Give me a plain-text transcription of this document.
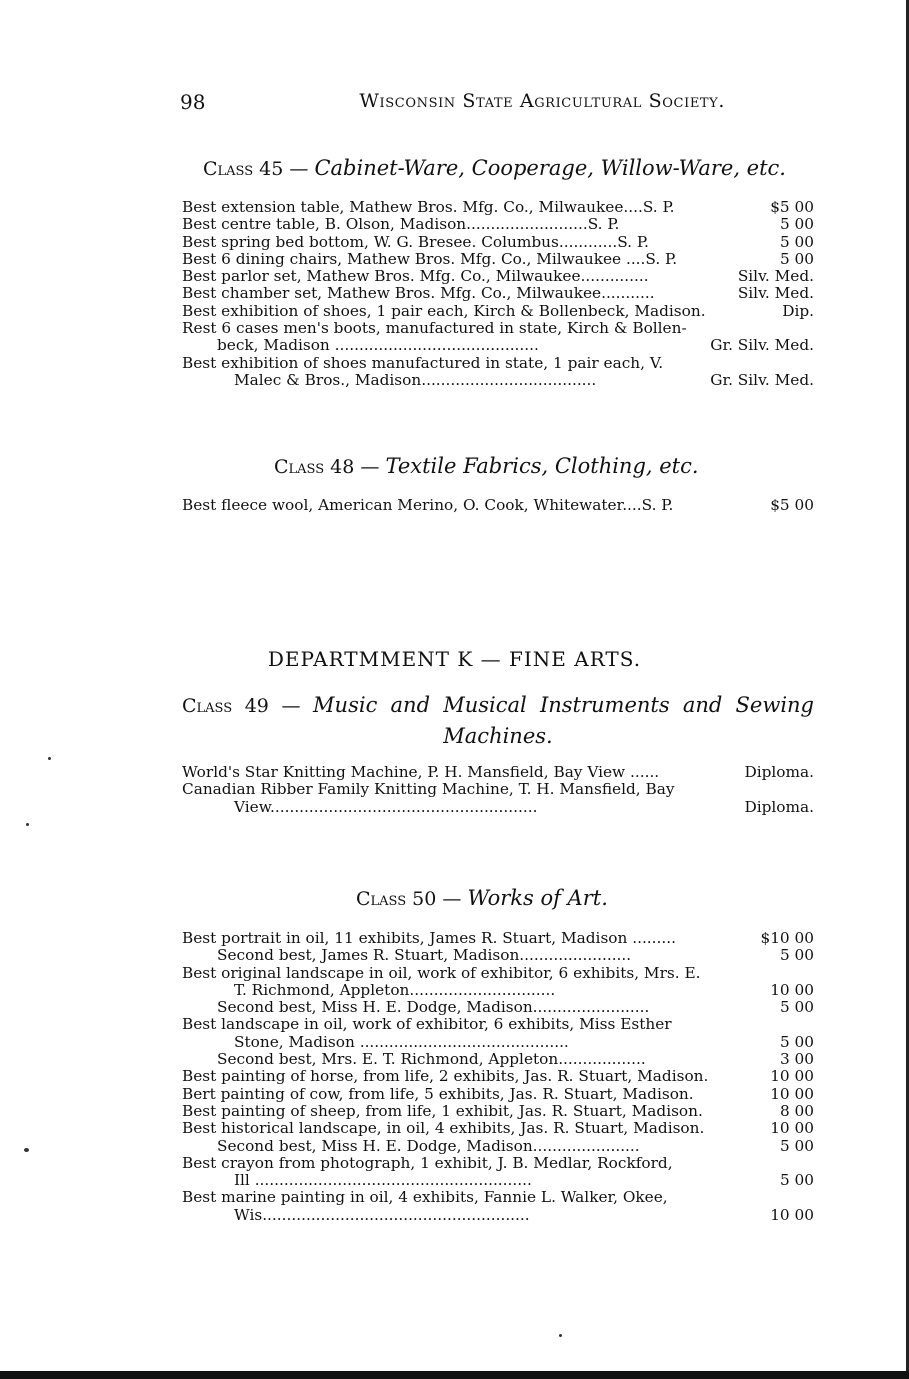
98	Wisconsin State Agricultural Society.
Class 45 — Cabinet-Ware, Cooperage, Willow-Ware, etc.
Best extension table, Mathew Bros. Mfg. Co., Milwaukee....S. P.	$5 00
Best centre table, B. Olson, Madison.........................S. P.	5 00
Best spring bed bottom, W. G. Bresee. Columbus............S. P.	5 00
Best 6 dining chairs, Mathew Bros. Mfg. Co., Milwaukee ....S. P.	5 00
Best parlor set, Mathew Bros. Mfg. Co., Milwaukee..............	Silv. Med.
Best chamber set, Mathew Bros. Mfg. Co., Milwaukee...........	Silv. Med.
Best exhibition of shoes, 1 pair each, Kirch & Bollenbeck, Madison.	Dip.
Rest 6 cases men's boots, manufactured in state, Kirch & Bollen-
beck, Madison ..........................................	Gr. Silv. Med.
Best exhibition of shoes manufactured in state, 1 pair each, V.
Malec & Bros., Madison....................................	Gr. Silv. Med.
Class 48 — Textile Fabrics, Clothing, etc.
Best fleece wool, American Merino, O. Cook, Whitewater....S. P.	$5 00
DEPARTMMENT K — FINE ARTS.
Class 49 — Music and Musical Instruments and Sewing
Machines.
World's Star Knitting Machine, P. H. Mansfield, Bay View ......	Diploma.
Canadian Ribber Family Knitting Machine, T. H. Mansfield, Bay
View.......................................................	Diploma.
Class 50 — Works of Art.
Best portrait in oil, 11 exhibits, James R. Stuart, Madison .........	$10 00
Second best, James R. Stuart, Madison.......................	5 00
Best original landscape in oil, work of exhibitor, 6 exhibits, Mrs. E.
T. Richmond, Appleton..............................	10 00
Second best, Miss H. E. Dodge, Madison........................	5 00
Best landscape in oil, work of exhibitor, 6 exhibits, Miss Esther
Stone, Madison ...........................................	5 00
Second best, Mrs. E. T. Richmond, Appleton..................	3 00
Best painting of horse, from life, 2 exhibits, Jas. R. Stuart, Madison.	10 00
Bert painting of cow, from life, 5 exhibits, Jas. R. Stuart, Madison.	10 00
Best painting of sheep, from life, 1 exhibit, Jas. R. Stuart, Madison.	8 00
Best historical landscape, in oil, 4 exhibits, Jas. R. Stuart, Madison.	10 00
Second best, Miss H. E. Dodge, Madison......................	5 00
Best crayon from photograph, 1 exhibit, J. B. Medlar, Rockford,
Ill .........................................................	5 00
Best marine painting in oil, 4 exhibits, Fannie L. Walker, Okee,
Wis.......................................................	10 00
